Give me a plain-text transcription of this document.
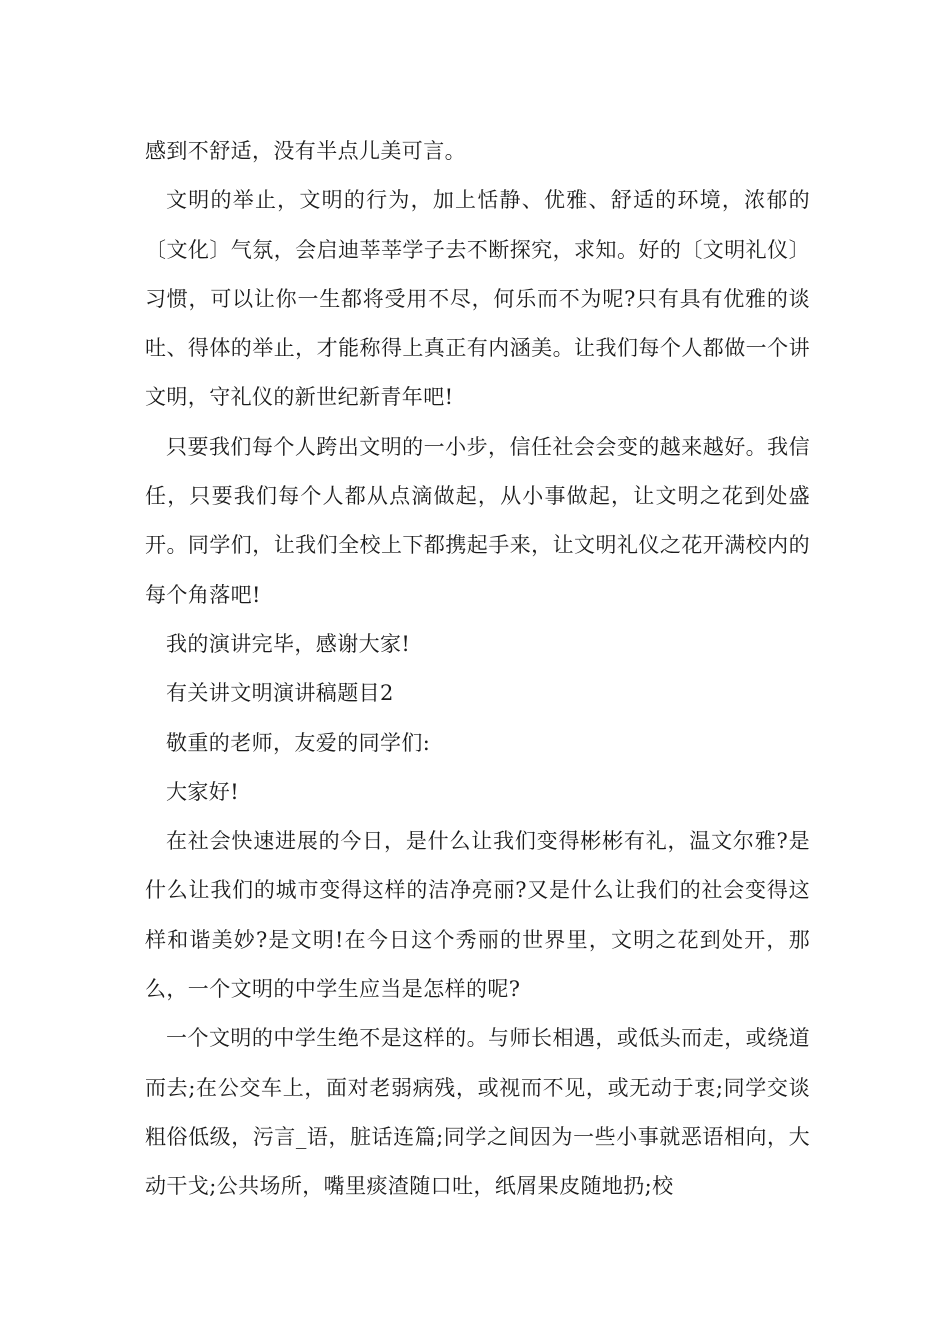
感到不舒适，没有半点儿美可言。

文明的举止，文明的行为，加上恬静、优雅、舒适的环境，浓郁的〔文化〕气氛，会启迪莘莘学子去不断探究，求知。好的〔文明礼仪〕习惯，可以让你一生都将受用不尽，何乐而不为呢?只有具有优雅的谈吐、得体的举止，才能称得上真正有内涵美。让我们每个人都做一个讲文明，守礼仪的新世纪新青年吧!

只要我们每个人跨出文明的一小步，信任社会会变的越来越好。我信任，只要我们每个人都从点滴做起，从小事做起，让文明之花到处盛开。同学们，让我们全校上下都携起手来，让文明礼仪之花开满校内的每个角落吧!

我的演讲完毕，感谢大家!

有关讲文明演讲稿题目2

敬重的老师，友爱的同学们:

大家好!

在社会快速进展的今日，是什么让我们变得彬彬有礼，温文尔雅?是什么让我们的城市变得这样的洁净亮丽?又是什么让我们的社会变得这样和谐美妙?是文明!在今日这个秀丽的世界里，文明之花到处开，那么，一个文明的中学生应当是怎样的呢?

一个文明的中学生绝不是这样的。与师长相遇，或低头而走，或绕道而去;在公交车上，面对老弱病残，或视而不见，或无动于衷;同学交谈粗俗低级，污言_语，脏话连篇;同学之间因为一些小事就恶语相向，大动干戈;公共场所，嘴里痰渣随口吐，纸屑果皮随地扔;校
